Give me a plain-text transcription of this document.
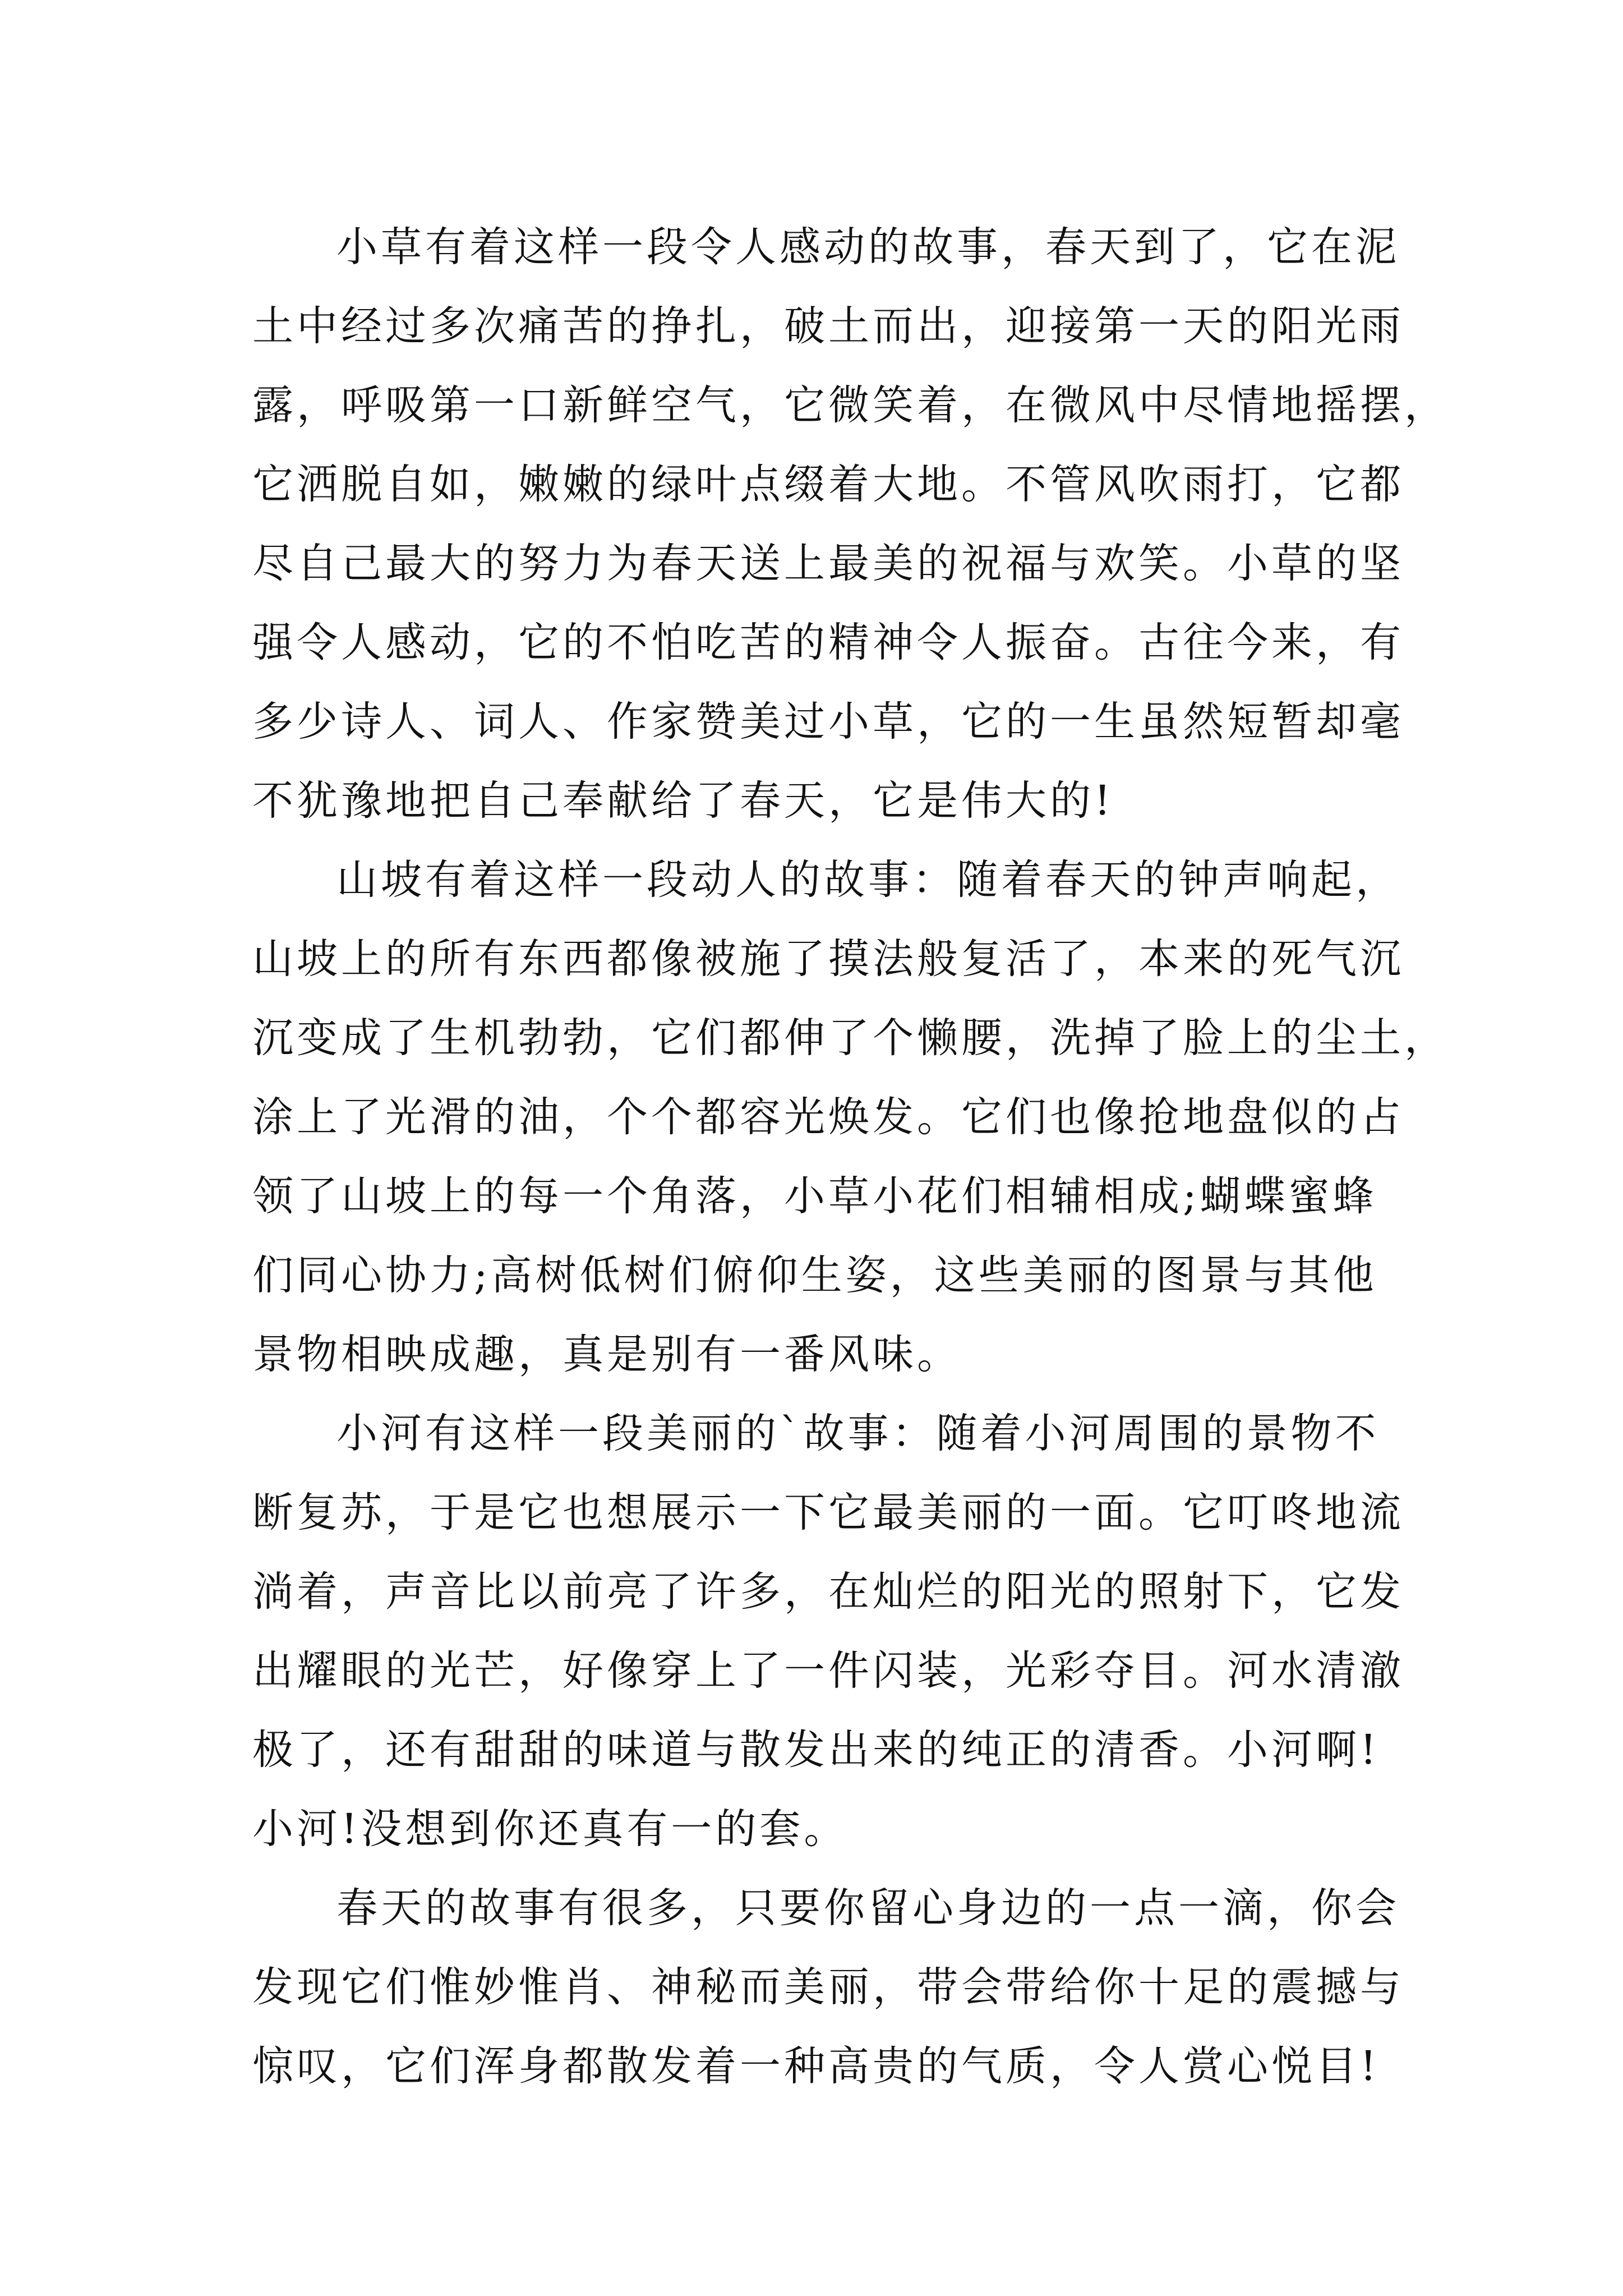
小草有着这样一段令人感动的故事，春天到了，它在泥
土中经过多次痛苦的挣扎，破土而出，迎接第一天的阳光雨
露，呼吸第一口新鲜空气，它微笑着，在微风中尽情地摇摆，
它洒脱自如，嫩嫩的绿叶点缀着大地。不管风吹雨打，它都
尽自己最大的努力为春天送上最美的祝福与欢笑。小草的坚
强令人感动，它的不怕吃苦的精神令人振奋。古往今来，有
多少诗人、词人、作家赞美过小草，它的一生虽然短暂却毫
不犹豫地把自己奉献给了春天，它是伟大的!
山坡有着这样一段动人的故事：随着春天的钟声响起，
山坡上的所有东西都像被施了摸法般复活了，本来的死气沉
沉变成了生机勃勃，它们都伸了个懒腰，洗掉了脸上的尘土，
涂上了光滑的油，个个都容光焕发。它们也像抢地盘似的占
领了山坡上的每一个角落，小草小花们相辅相成;蝴蝶蜜蜂
们同心协力;高树低树们俯仰生姿，这些美丽的图景与其他
景物相映成趣，真是别有一番风味。
小河有这样一段美丽的`故事：随着小河周围的景物不
断复苏，于是它也想展示一下它最美丽的一面。它叮咚地流
淌着，声音比以前亮了许多，在灿烂的阳光的照射下，它发
出耀眼的光芒，好像穿上了一件闪装，光彩夺目。河水清澈
极了，还有甜甜的味道与散发出来的纯正的清香。小河啊!
小河!没想到你还真有一的套。
春天的故事有很多，只要你留心身边的一点一滴，你会
发现它们惟妙惟肖、神秘而美丽，带会带给你十足的震撼与
惊叹，它们浑身都散发着一种高贵的气质，令人赏心悦目!
